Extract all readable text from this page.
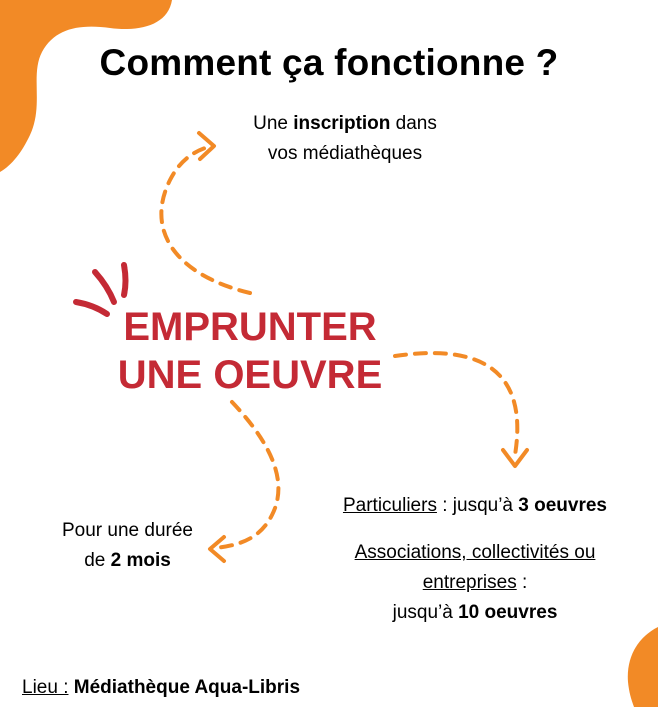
Comment ça fonctionne ?
Une inscription dans
vos médiathèques
EMPRUNTER
UNE OEUVRE
Particuliers : jusqu’à 3 oeuvres
Pour une durée
de 2 mois	Associations, collectivités ou
entreprises :
jusqu’à 10 oeuvres
Lieu : Médiathèque Aqua-Libris
